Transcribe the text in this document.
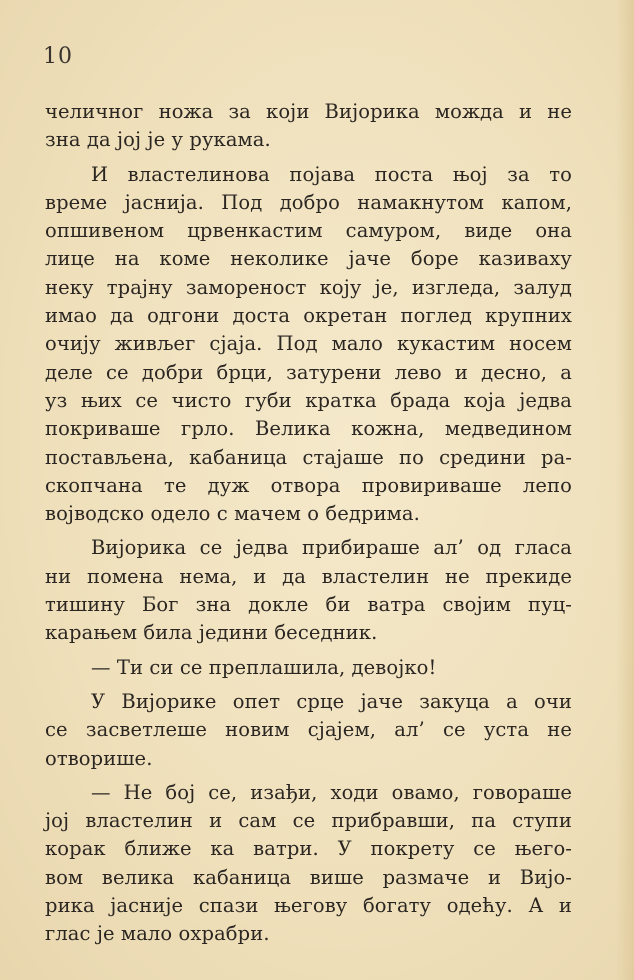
10
челичног ножа за који Вијорика можда и не
зна да јој је у рукама.
И властелинова појава поста њој за то
време јаснија. Под добро намакнутом капом,
опшивеном црвенкастим самуром, виде она
лице на коме неколике јаче боре казиваху
неку трајну замореност коју је, изгледа, залуд
имао да одгони доста окретан поглед крупних
очију живљег сјаја. Под мало кукастим носем
деле се добри брци, затурени лево и десно, а
уз њих се чисто губи кратка брада која једва
покриваше грло. Велика кожна, медведином
постављена, кабаница стајаше по средини ра-
скопчана те дуж отвора провириваше лепо
војводско одело с мачем о бедрима.
Вијорика се једва прибираше ал’ од гласа
ни помена нема, и да властелин не прекиде
тишину Бог зна докле би ватра својим пуц-
карањем била једини беседник.
— Ти си се преплашила, девојко!
У Вијорике опет срце јаче закуца а очи
се засветлеше новим сјајем, ал’ се уста не
отворише.
— Не бој се, изађи, ходи овамо, говораше
јој властелин и сам се прибравши, па ступи
корак ближе ка ватри. У покрету се њего-
вом велика кабаница више размаче и Вијо-
рика јасније спази његову богату одећу. А и
глас је мало охрабри.
